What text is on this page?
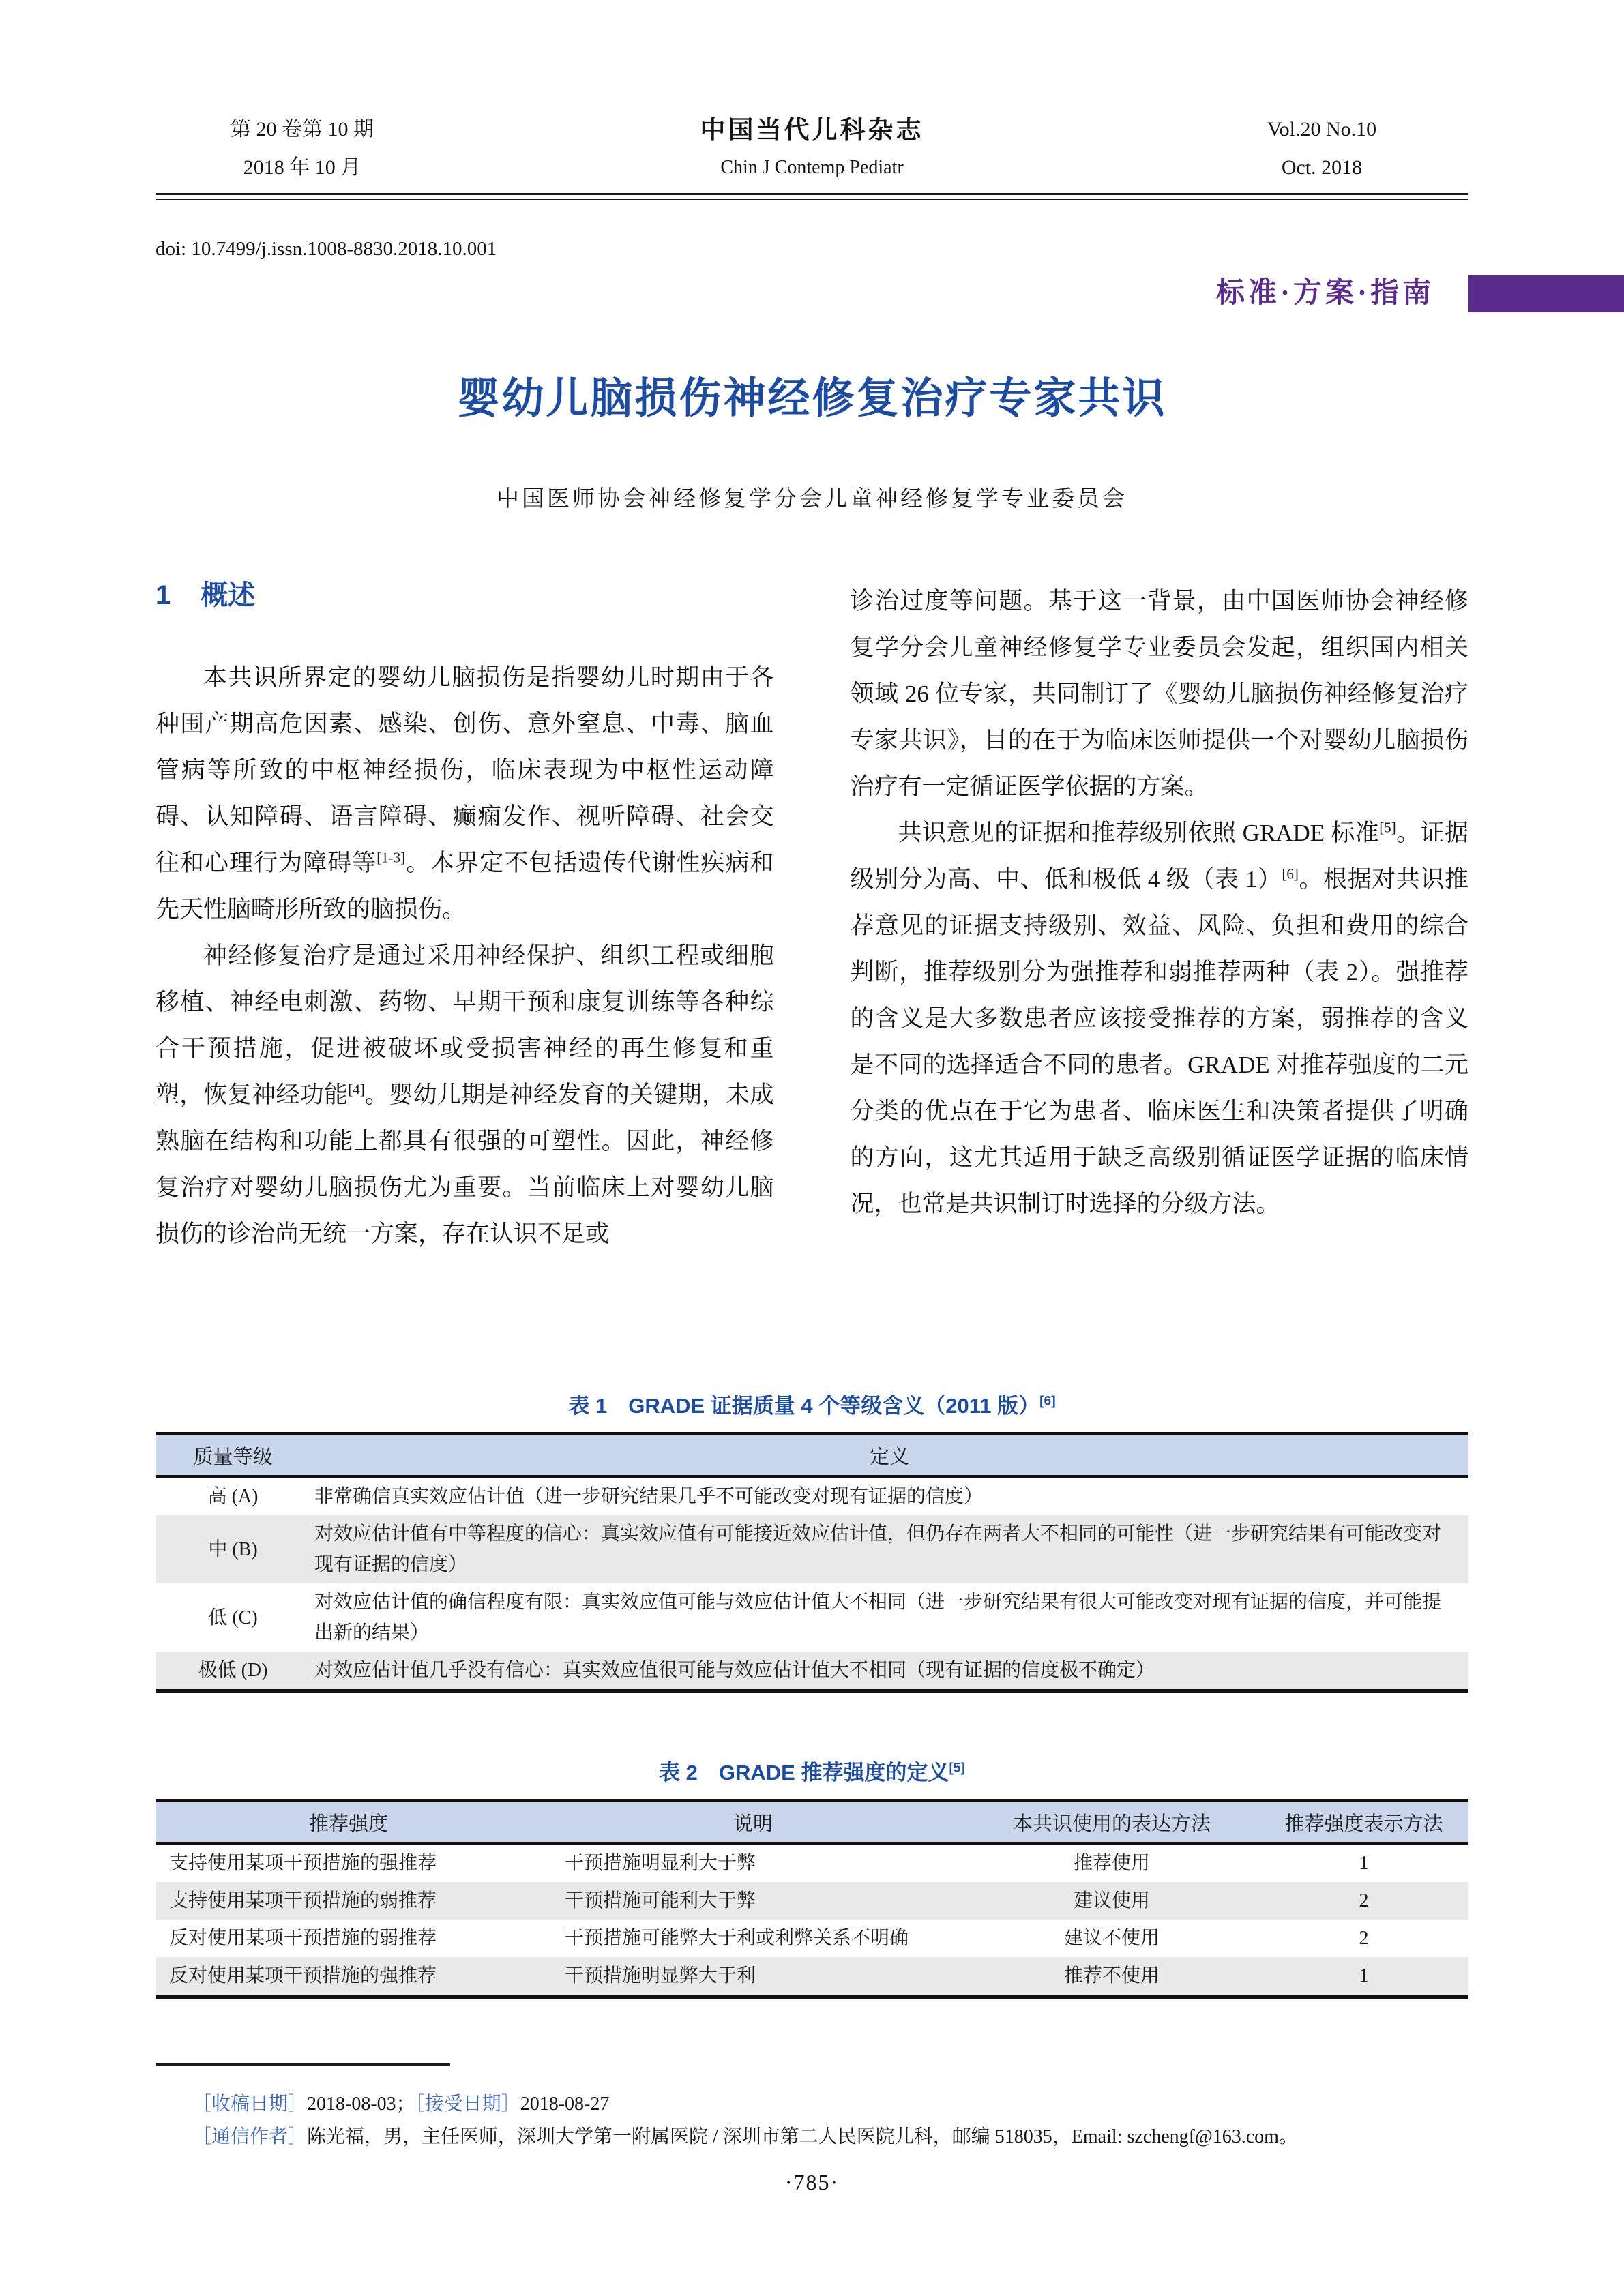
第 20 卷第 10 期
2018 年 10 月
中国当代儿科杂志
Chin J Contemp Pediatr
Vol.20 No.10
Oct. 2018
doi: 10.7499/j.issn.1008-8830.2018.10.001
标准·方案·指南
婴幼儿脑损伤神经修复治疗专家共识
中国医师协会神经修复学分会儿童神经修复学专业委员会
1 概述

本共识所界定的婴幼儿脑损伤是指婴幼儿时期由于各种围产期高危因素、感染、创伤、意外窒息、中毒、脑血管病等所致的中枢神经损伤，临床表现为中枢性运动障碍、认知障碍、语言障碍、癫痫发作、视听障碍、社会交往和心理行为障碍等[1-3]。本界定不包括遗传代谢性疾病和先天性脑畸形所致的脑损伤。

神经修复治疗是通过采用神经保护、组织工程或细胞移植、神经电刺激、药物、早期干预和康复训练等各种综合干预措施，促进被破坏或受损害神经的再生修复和重塑，恢复神经功能[4]。婴幼儿期是神经发育的关键期，未成熟脑在结构和功能上都具有很强的可塑性。因此，神经修复治疗对婴幼儿脑损伤尤为重要。当前临床上对婴幼儿脑损伤的诊治尚无统一方案，存在认识不足或

诊治过度等问题。基于这一背景，由中国医师协会神经修复学分会儿童神经修复学专业委员会发起，组织国内相关领域 26 位专家，共同制订了《婴幼儿脑损伤神经修复治疗专家共识》，目的在于为临床医师提供一个对婴幼儿脑损伤治疗有一定循证医学依据的方案。

共识意见的证据和推荐级别依照 GRADE 标准[5]。证据级别分为高、中、低和极低 4 级（表 1）[6]。根据对共识推荐意见的证据支持级别、效益、风险、负担和费用的综合判断，推荐级别分为强推荐和弱推荐两种（表 2）。强推荐的含义是大多数患者应该接受推荐的方案，弱推荐的含义是不同的选择适合不同的患者。GRADE 对推荐强度的二元分类的优点在于它为患者、临床医生和决策者提供了明确的方向，这尤其适用于缺乏高级别循证医学证据的临床情况，也常是共识制订时选择的分级方法。

表 1　GRADE 证据质量 4 个等级含义（2011 版）[6]
质量等级	定义
高 (A)	非常确信真实效应估计值（进一步研究结果几乎不可能改变对现有证据的信度）
中 (B)	对效应估计值有中等程度的信心：真实效应值有可能接近效应估计值，但仍存在两者大不相同的可能性（进一步研究结果有可能改变对现有证据的信度）
低 (C)	对效应估计值的确信程度有限：真实效应值可能与效应估计值大不相同（进一步研究结果有很大可能改变对现有证据的信度，并可能提出新的结果）
极低 (D)	对效应估计值几乎没有信心：真实效应值很可能与效应估计值大不相同（现有证据的信度极不确定）
表 2　GRADE 推荐强度的定义[5]
推荐强度	说明	本共识使用的表达方法	推荐强度表示方法
支持使用某项干预措施的强推荐	干预措施明显利大于弊	推荐使用	1
支持使用某项干预措施的弱推荐	干预措施可能利大于弊	建议使用	2
反对使用某项干预措施的弱推荐	干预措施可能弊大于利或利弊关系不明确	建议不使用	2
反对使用某项干预措施的强推荐	干预措施明显弊大于利	推荐不使用	1
［收稿日期］2018-08-03；［接受日期］2018-08-27
［通信作者］陈光福，男，主任医师，深圳大学第一附属医院 / 深圳市第二人民医院儿科，邮编 518035，Email: szchengf@163.com。
·785·
